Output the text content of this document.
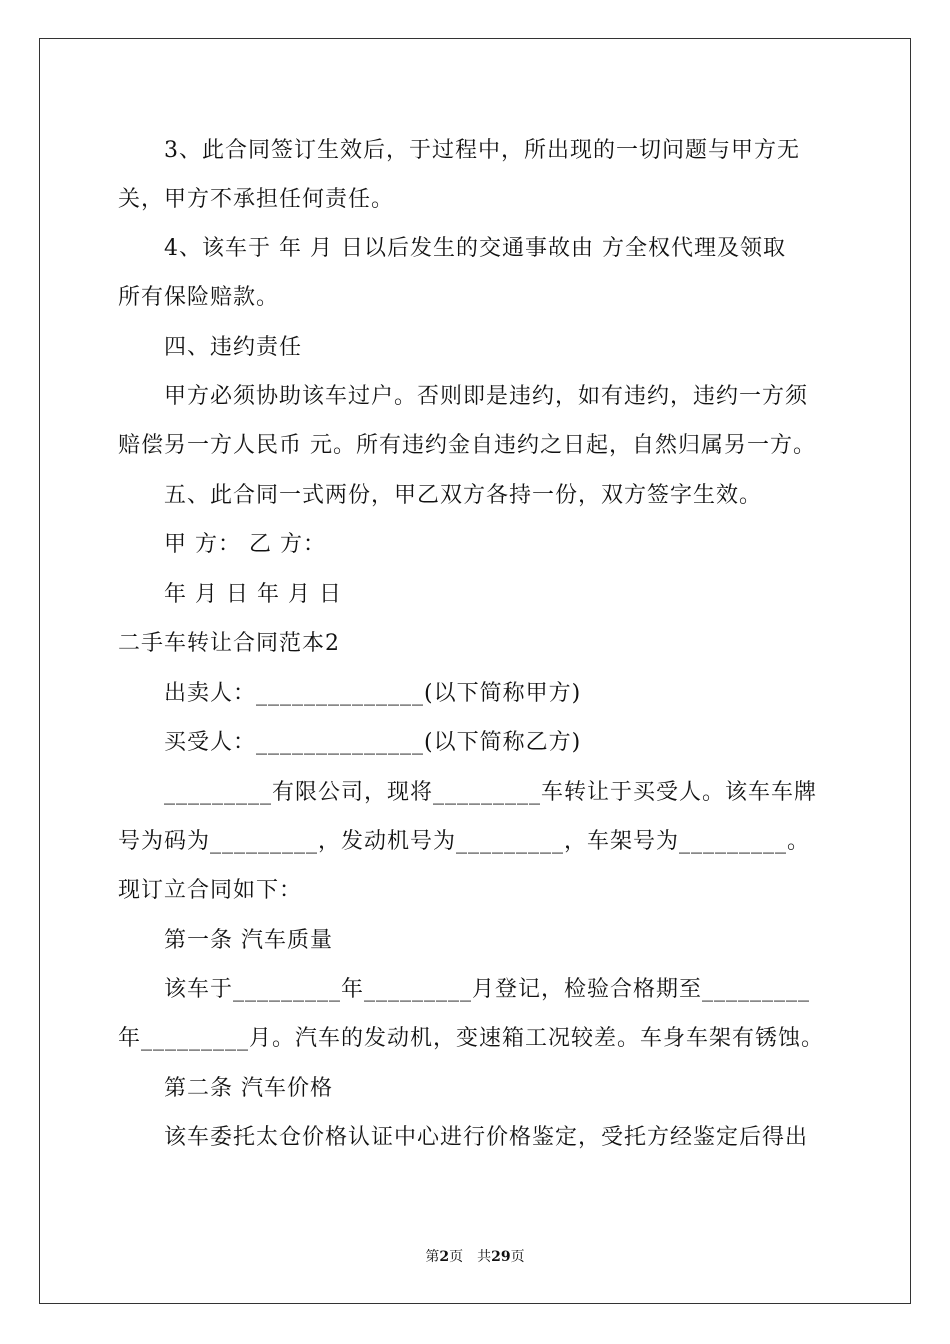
3、此合同签订生效后，于过程中，所出现的一切问题与甲方无
关，甲方不承担任何责任。
4、该车于 年 月 日以后发生的交通事故由 方全权代理及领取
所有保险赔款。
四、违约责任
甲方必须协助该车过户。否则即是违约，如有违约，违约一方须
赔偿另一方人民币 元。所有违约金自违约之日起，自然归属另一方。
五、此合同一式两份，甲乙双方各持一份，双方签字生效。
甲 方： 乙 方：
年 月 日 年 月 日
二手车转让合同范本2
出卖人：______________(以下简称甲方)
买受人：______________(以下简称乙方)
_________有限公司，现将_________车转让于买受人。该车车牌
号为码为_________，发动机号为_________，车架号为_________。
现订立合同如下：
第一条 汽车质量
该车于_________年_________月登记，检验合格期至_________
年_________月。汽车的发动机，变速箱工况较差。车身车架有锈蚀。
第二条 汽车价格
该车委托太仓价格认证中心进行价格鉴定，受托方经鉴定后得出
第2页　共29页
